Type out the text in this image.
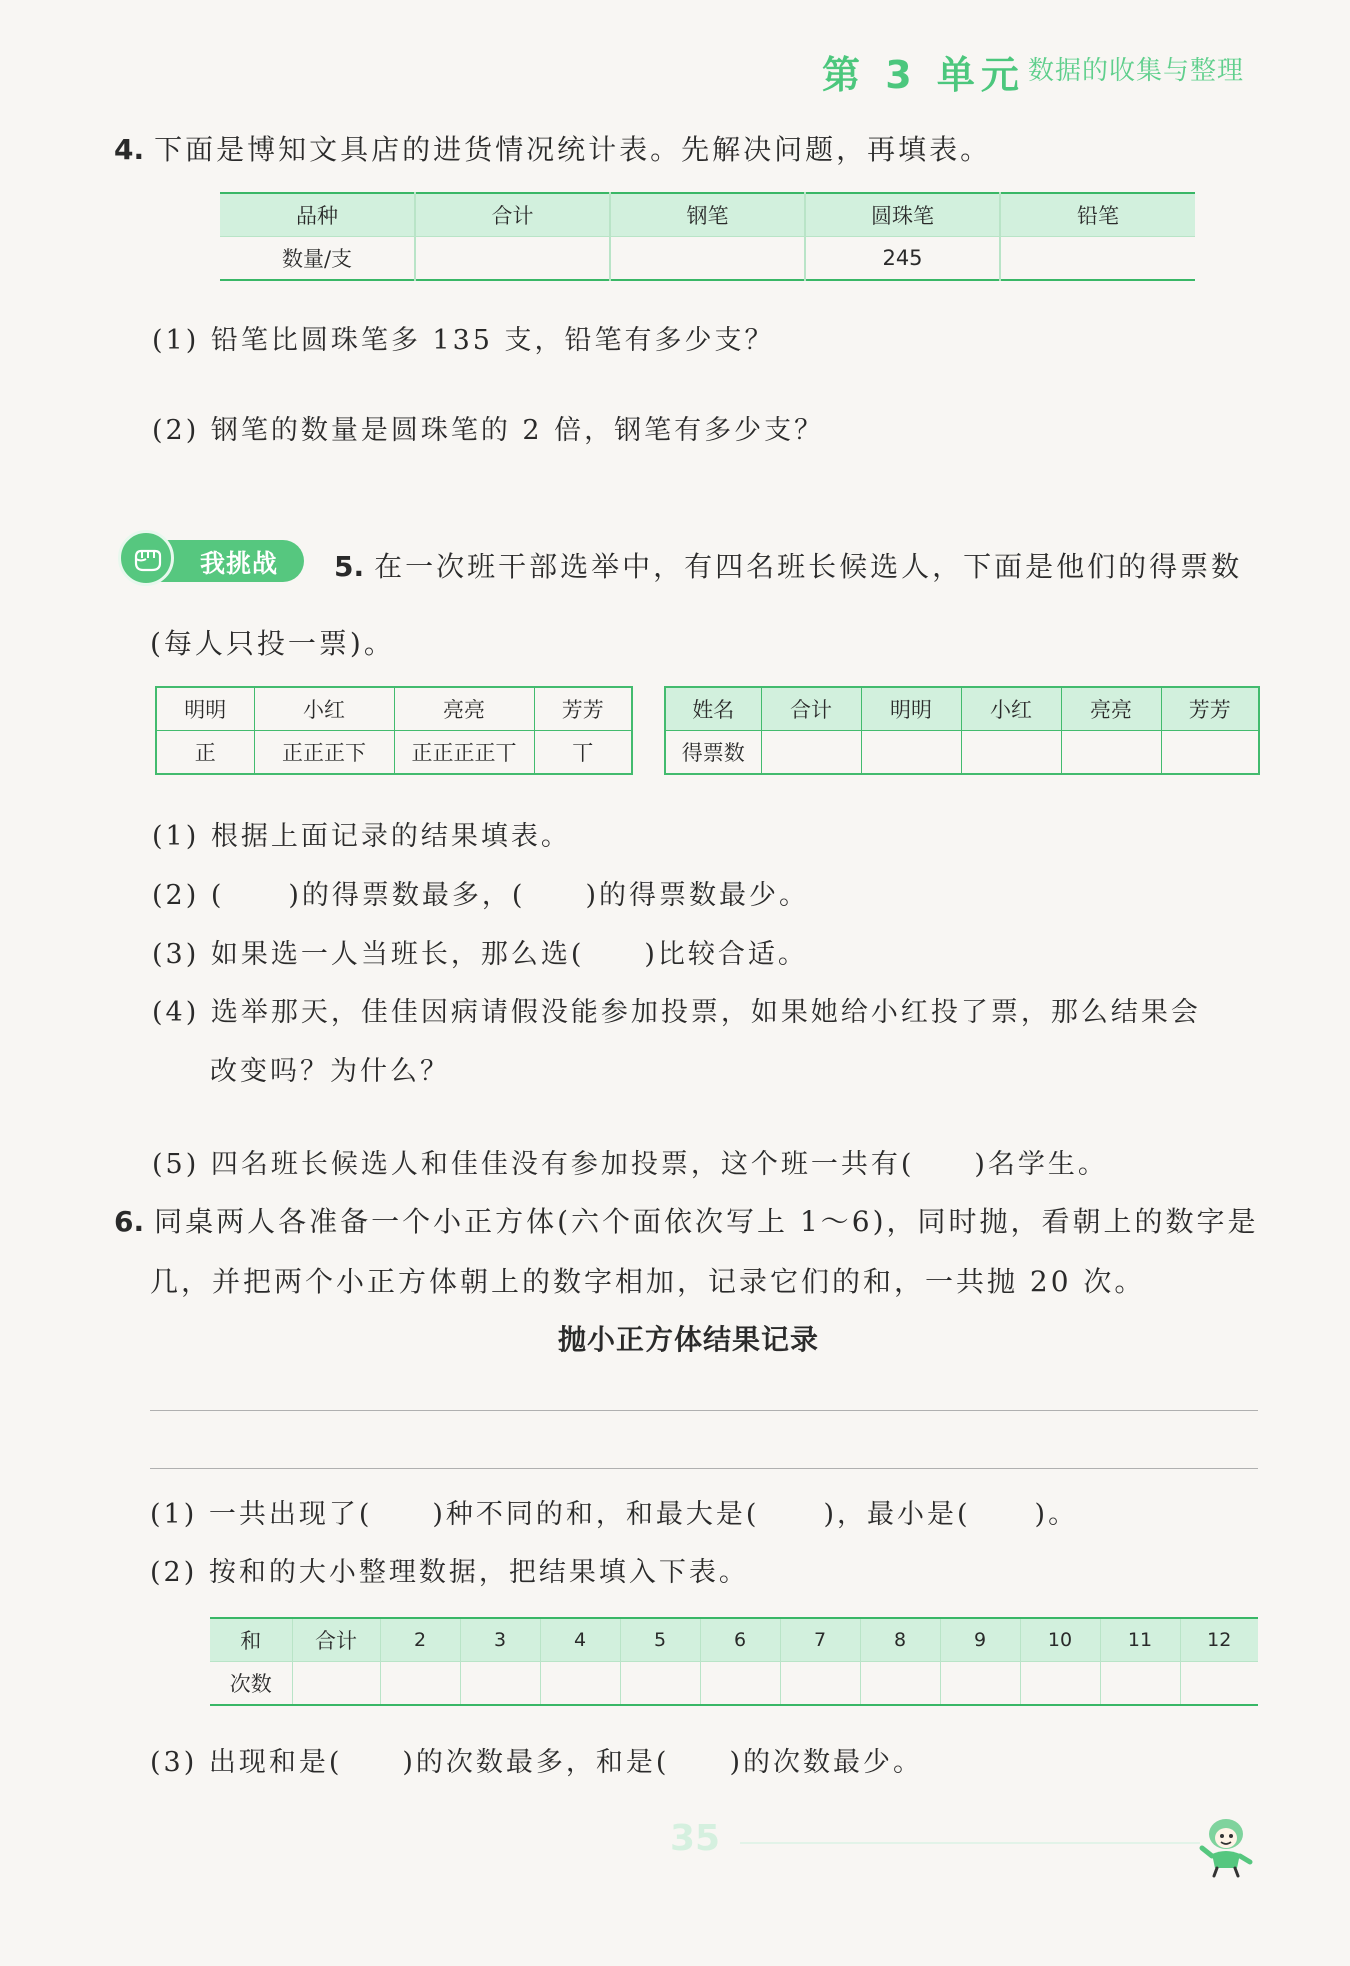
第 3 单元 数据的收集与整理
4. 下面是博知文具店的进货情况统计表。先解决问题，再填表。
品种	合计	钢笔	圆珠笔	铅笔
数量/支			245	
(1) 铅笔比圆珠笔多 135 支，铅笔有多少支？
(2) 钢笔的数量是圆珠笔的 2 倍，钢笔有多少支？
我挑战 5. 在一次班干部选举中，有四名班长候选人，下面是他们的得票数
(每人只投一票)。
明明	小红	亮亮	芳芳
正	正正正下	正正正正丅	丅
姓名	合计	明明	小红	亮亮	芳芳
得票数					
(1) 根据上面记录的结果填表。
(2) ( )的得票数最多，( )的得票数最少。
(3) 如果选一人当班长，那么选( )比较合适。
(4) 选举那天，佳佳因病请假没能参加投票，如果她给小红投了票，那么结果会
改变吗？为什么？
(5) 四名班长候选人和佳佳没有参加投票，这个班一共有( )名学生。
6. 同桌两人各准备一个小正方体(六个面依次写上 1～6)，同时抛，看朝上的数字是
几，并把两个小正方体朝上的数字相加，记录它们的和，一共抛 20 次。
抛小正方体结果记录
(1) 一共出现了( )种不同的和，和最大是( )，最小是( )。
(2) 按和的大小整理数据，把结果填入下表。
和	合计	2	3	4	5	6	7	8	9	10	11	12
次数												
(3) 出现和是( )的次数最多，和是( )的次数最少。
35
